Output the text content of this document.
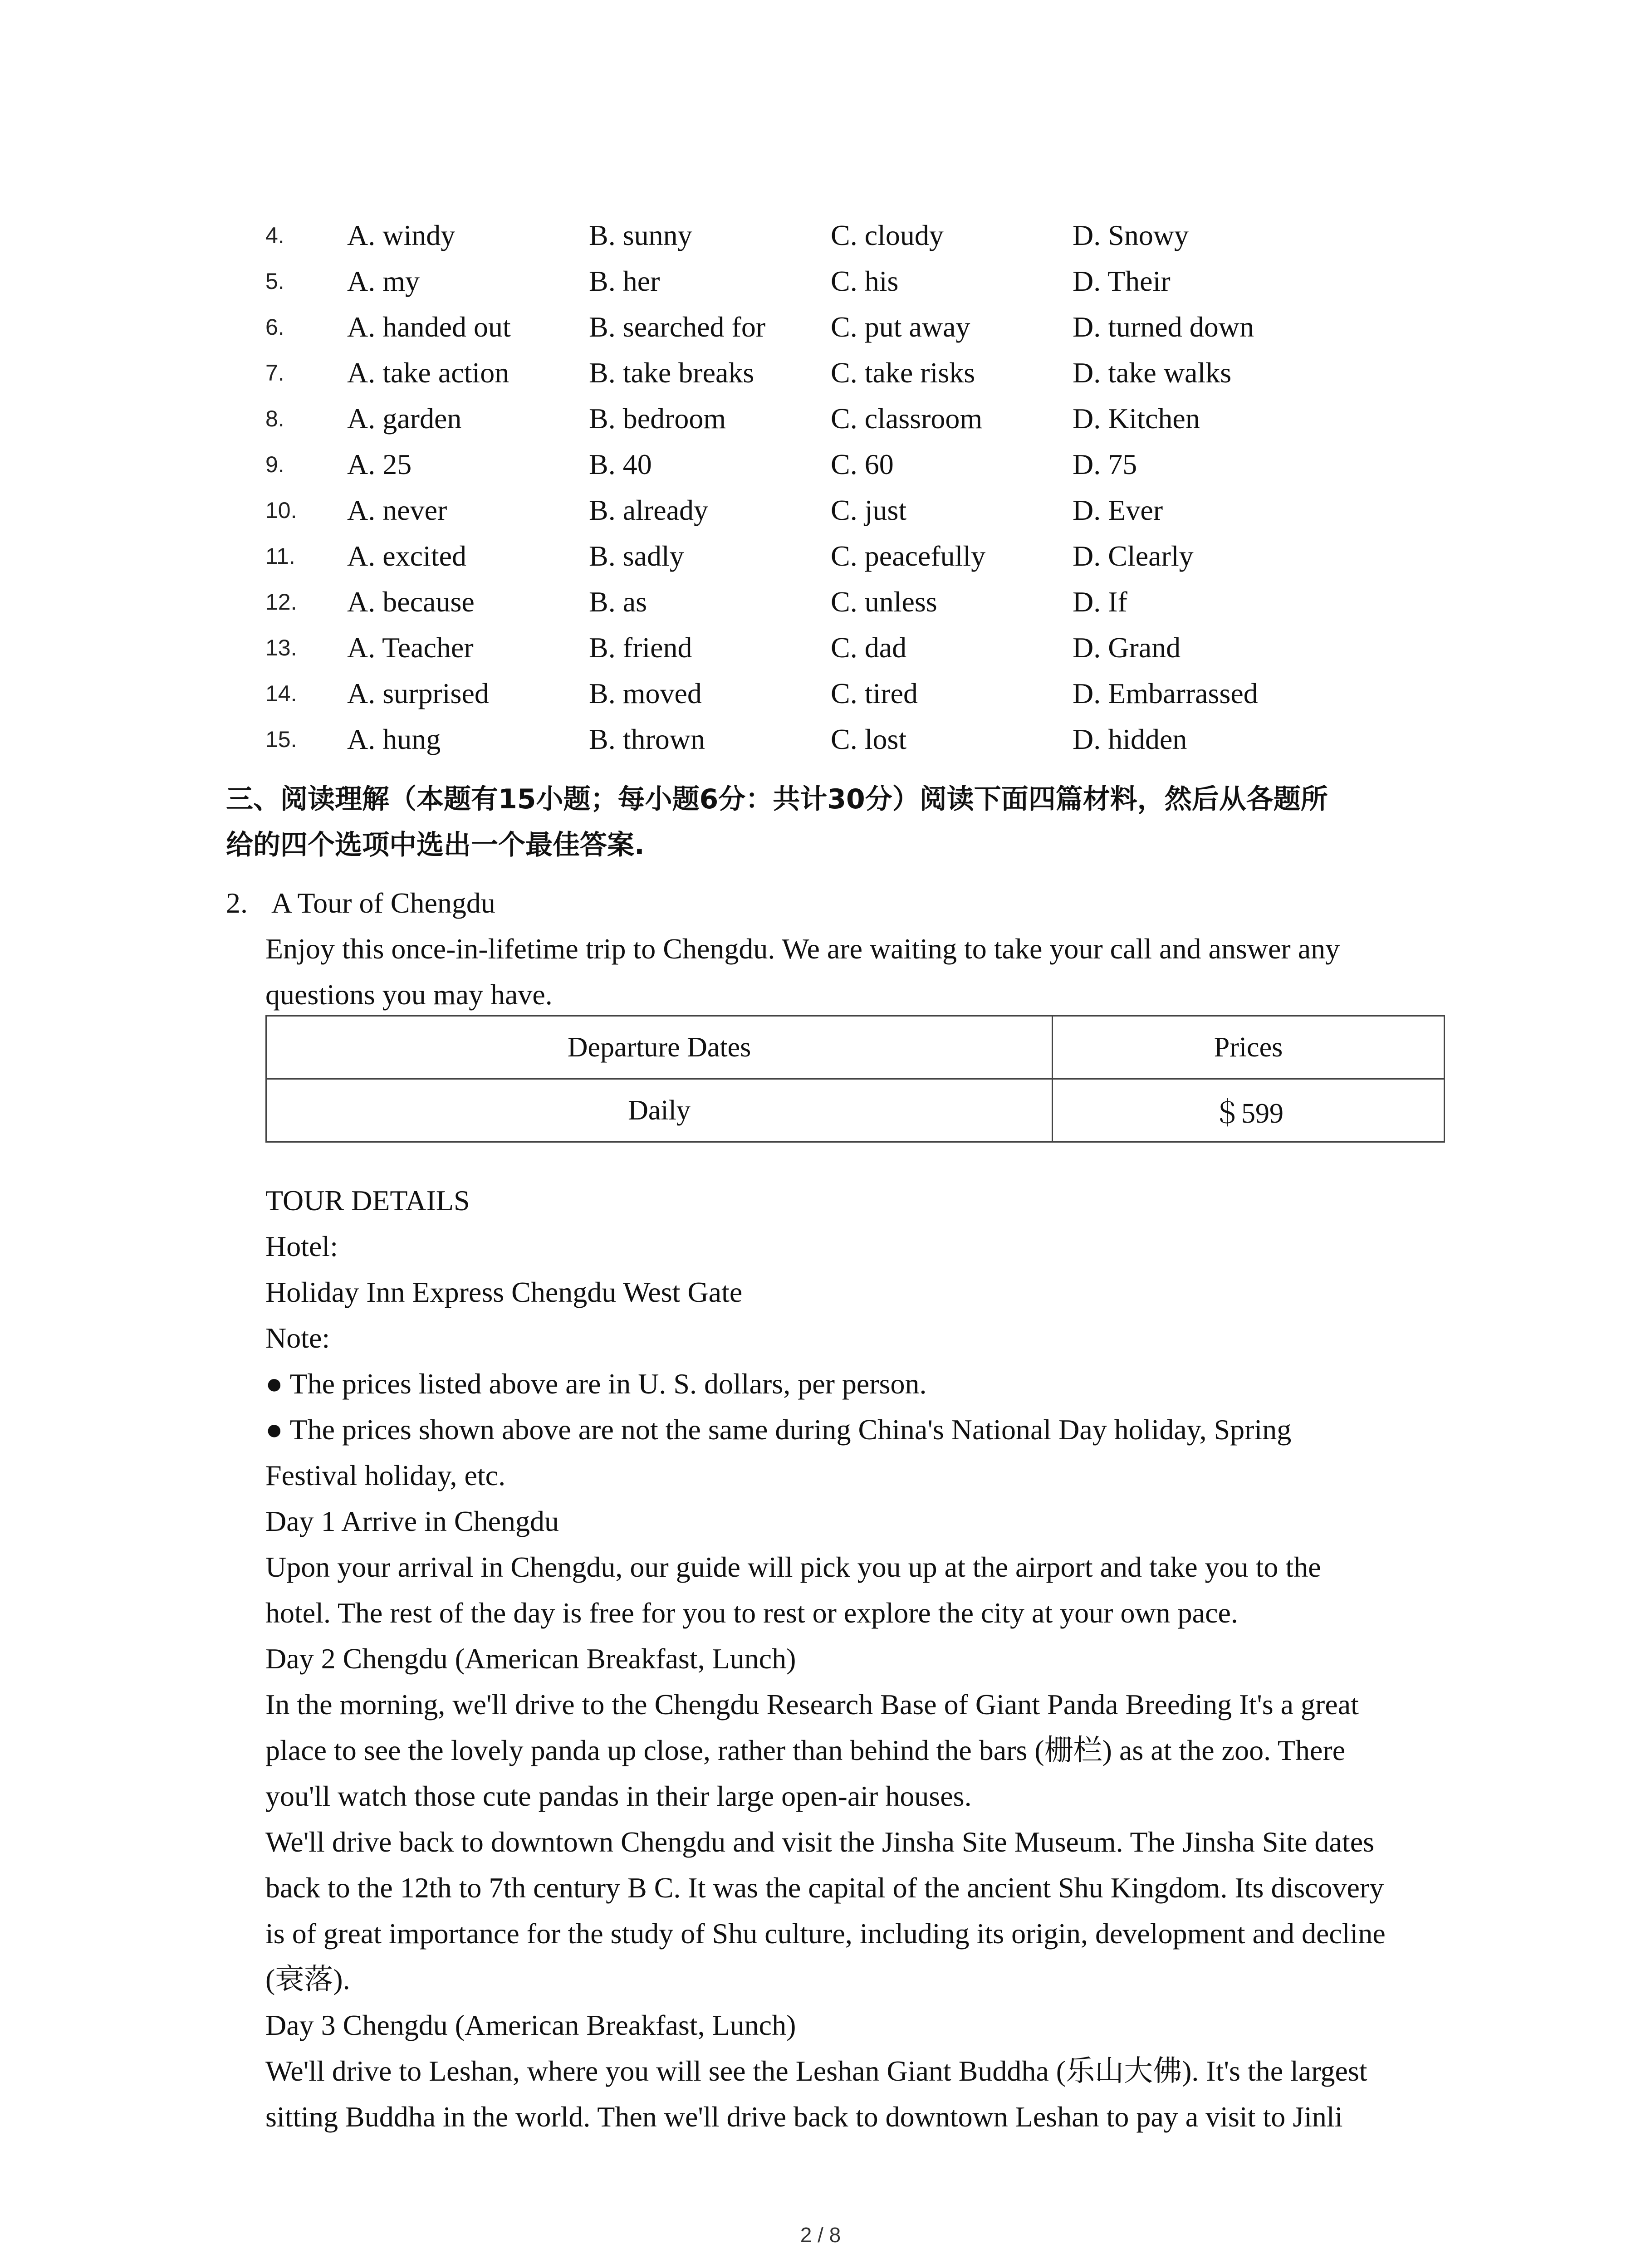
4.	A. windy	B. sunny	C. cloudy	D. Snowy
5.	A. my	B. her	C. his	D. Their
6.	A. handed out	B. searched for	C. put away	D. turned down
7.	A. take action	B. take breaks	C. take risks	D. take walks
8.	A. garden	B. bedroom	C. classroom	D. Kitchen
9.	A. 25	B. 40	C. 60	D. 75
10.	A. never	B. already	C. just	D. Ever
11.	A. excited	B. sadly	C. peacefully	D. Clearly
12.	A. because	B. as	C. unless	D. If
13.	A. Teacher	B. friend	C. dad	D. Grand
14.	A. surprised	B. moved	C. tired	D. Embarrassed
15.	A. hung	B. thrown	C. lost	D. hidden
三、阅读理解（本题有15小题；每小题6分：共计30分）阅读下面四篇材料，然后从各题所
给的四个选项中选出一个最佳答案.
2. A Tour of Chengdu

Enjoy this once-in-lifetime trip to Chengdu. We are waiting to take your call and answer any

questions you may have.

Departure Dates	Prices
Daily	＄599

TOUR DETAILS

Hotel:

Holiday Inn Express Chengdu West Gate

Note:

● The prices listed above are in U. S. dollars, per person.

● The prices shown above are not the same during China's National Day holiday, Spring

Festival holiday, etc.

Day 1 Arrive in Chengdu

Upon your arrival in Chengdu, our guide will pick you up at the airport and take you to the

hotel. The rest of the day is free for you to rest or explore the city at your own pace.

Day 2 Chengdu (American Breakfast, Lunch)

In the morning, we'll drive to the Chengdu Research Base of Giant Panda Breeding It's a great

place to see the lovely panda up close, rather than behind the bars (栅栏) as at the zoo. There

you'll watch those cute pandas in their large open-air houses.

We'll drive back to downtown Chengdu and visit the Jinsha Site Museum. The Jinsha Site dates

back to the 12th to 7th century B C. It was the capital of the ancient Shu Kingdom. Its discovery

is of great importance for the study of Shu culture, including its origin, development and decline

(衰落).

Day 3 Chengdu (American Breakfast, Lunch)

We'll drive to Leshan, where you will see the Leshan Giant Buddha (乐山大佛). It's the largest

sitting Buddha in the world. Then we'll drive back to downtown Leshan to pay a visit to Jinli

2 / 8
